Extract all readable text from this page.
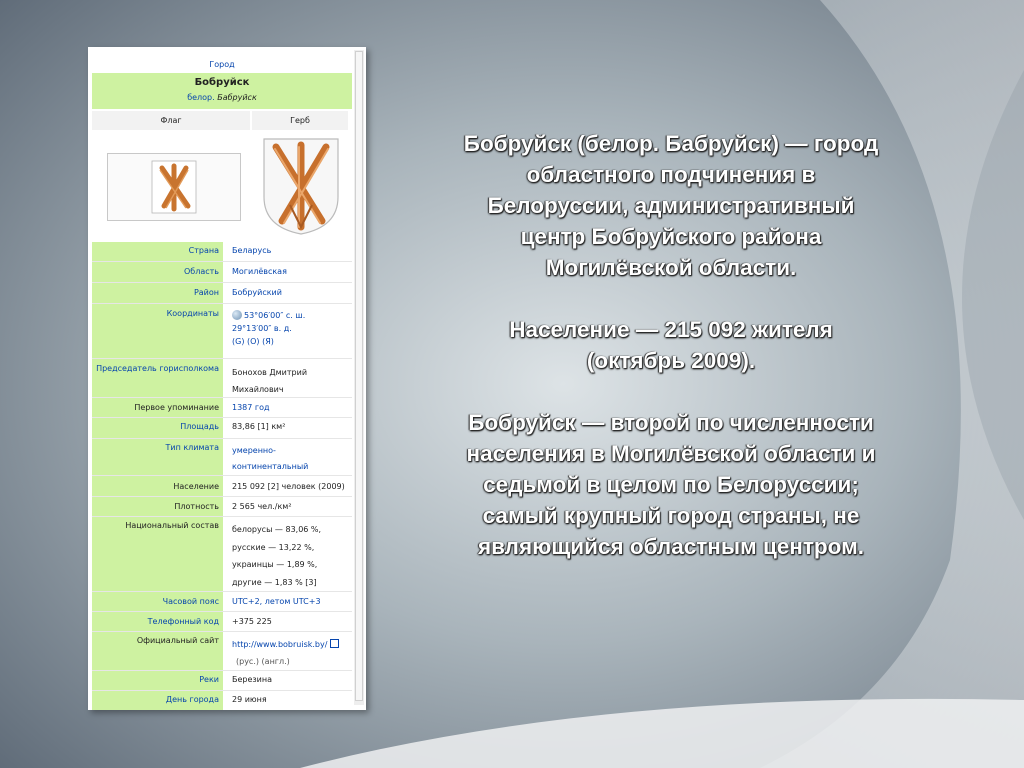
Город
Бобруйск
белор. Бабруйск
Флаг	Герб
Страна Беларусь
Область Могилёвская
Район Бобруйский
Координаты	53°06′00″ с. ш.
29°13′00″ в. д.
(G) (O) (Я)
Председатель горисполкома Бонохов Дмитрий
Михайлович
Первое упоминание 1387 год
Площадь 83,86 [1] км²
Тип климата умеренно-
континентальный
Население 215 092 [2] человек (2009)
Плотность 2 565 чел./км²
Национальный состав белорусы — 83,06 %,
русские — 13,22 %,
украинцы — 1,89 %,
другие — 1,83 % [3]
Часовой пояс UTC+2, летом UTC+3
Телефонный код +375 225
Официальный сайт http://www.bobruisk.by/
(рус.) (англ.)
Реки Березина
День города 29 июня

Бобруйск (белор. Бабруйск) — город
областного подчинения в
Белоруссии, административный
центр Бобруйского района
Могилёвской области.

Население — 215 092 жителя
(октябрь 2009).

Бобруйск — второй по численности
населения в Могилёвской области и
седьмой в целом по Белоруссии;
самый крупный город страны, не
являющийся областным центром.
